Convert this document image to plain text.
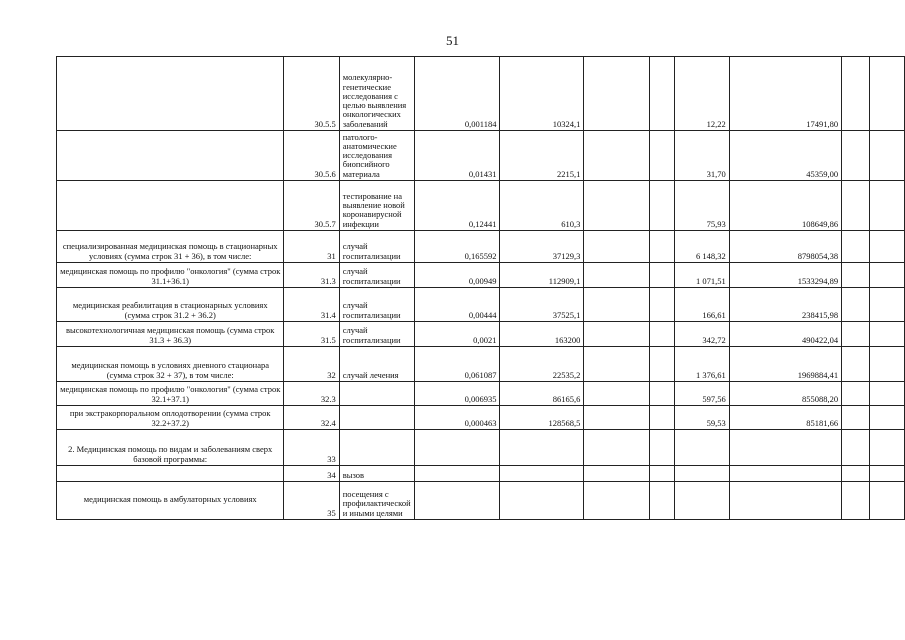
51
	30.5.5	молекулярно-генетические исследования с целью выявления онкологических заболеваний	0,001184	10324,1			12,22	17491,80		
	30.5.6	патолого-анатомические исследования биопсийного материала	0,01431	2215,1			31,70	45359,00		
	30.5.7	тестирование на выявление новой коронавирусной инфекции	0,12441	610,3			75,93	108649,86		
специализированная медицинская помощь в стационарных условиях (сумма строк 31 + 36), в том числе:	31	случай госпитализации	0,165592	37129,3			6 148,32	8798054,38		
медицинская помощь по профилю "онкология" (сумма строк 31.1+36.1)	31.3	случай госпитализации	0,00949	112909,1			1 071,51	1533294,89		
медицинская реабилитация в стационарных условиях (сумма строк 31.2 + 36.2)	31.4	случай госпитализации	0,00444	37525,1			166,61	238415,98		
высокотехнологичная медицинская помощь (сумма строк 31.3 + 36.3)	31.5	случай госпитализации	0,0021	163200			342,72	490422,04		
медицинская помощь в условиях дневного стационара (сумма строк 32 + 37), в том числе:	32	случай лечения	0,061087	22535,2			1 376,61	1969884,41		
медицинская помощь по профилю "онкология" (сумма строк 32.1+37.1)	32.3		0,006935	86165,6			597,56	855088,20		
при экстракорпоральном оплодотворении (сумма строк 32.2+37.2)	32.4		0,000463	128568,5			59,53	85181,66		
2. Медицинская помощь по видам и заболеваниям сверх базовой программы:	33									
	34	вызов								
медицинская помощь в амбулаторных условиях	35	посещения с профилактической и иными целями								
